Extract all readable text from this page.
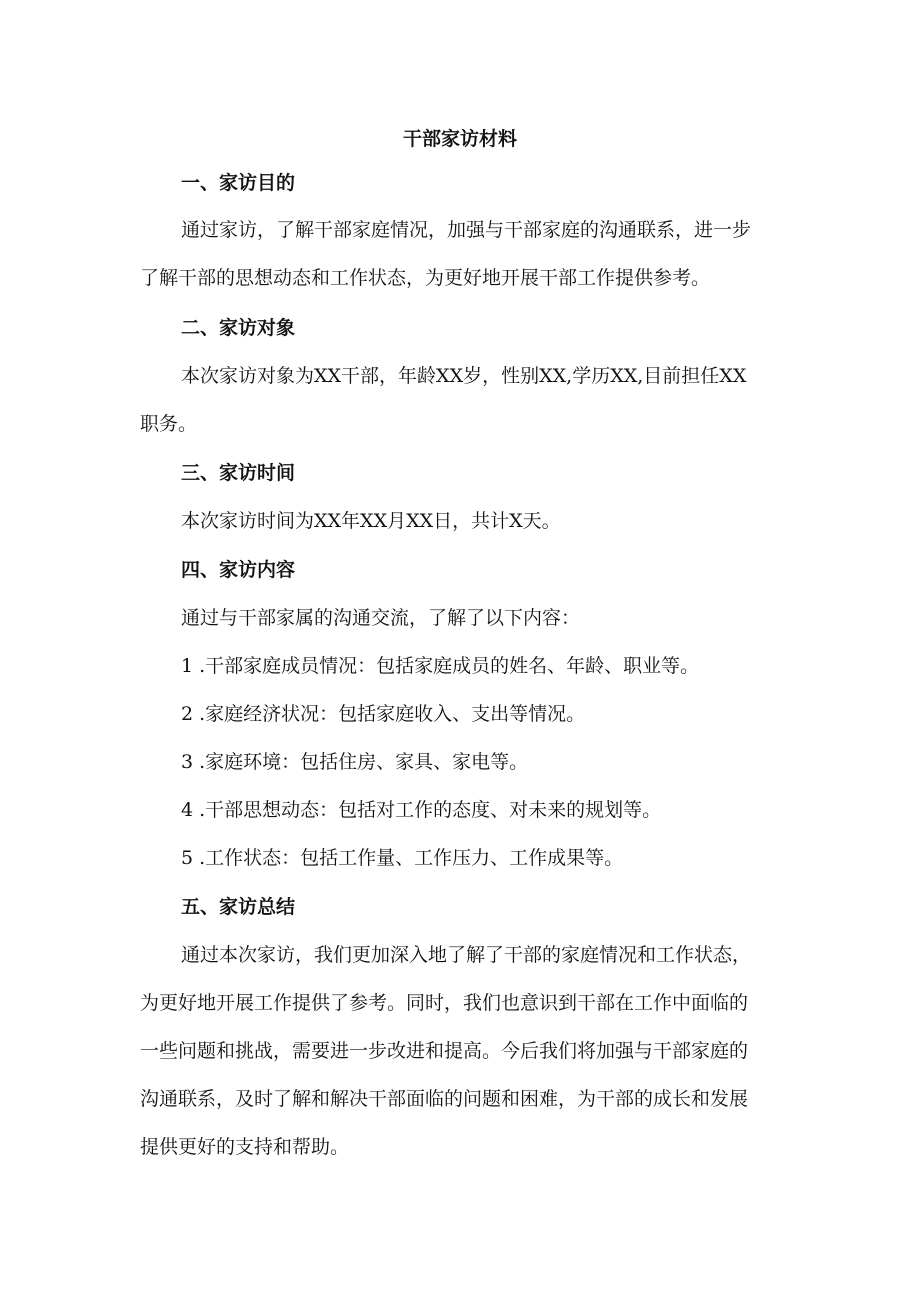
干部家访材料
一、家访目的
通过家访，了解干部家庭情况，加强与干部家庭的沟通联系，进一步
了解干部的思想动态和工作状态，为更好地开展干部工作提供参考。
二、家访对象
本次家访对象为XX干部，年龄XX岁，性别XX,学历XX,目前担任XX
职务。
三、家访时间
本次家访时间为XX年XX月XX日，共计X天。
四、家访内容
通过与干部家属的沟通交流，了解了以下内容：
1 .干部家庭成员情况：包括家庭成员的姓名、年龄、职业等。
2 .家庭经济状况：包括家庭收入、支出等情况。
3 .家庭环境：包括住房、家具、家电等。
4 .干部思想动态：包括对工作的态度、对未来的规划等。
5 .工作状态：包括工作量、工作压力、工作成果等。
五、家访总结
通过本次家访，我们更加深入地了解了干部的家庭情况和工作状态，
为更好地开展工作提供了参考。同时，我们也意识到干部在工作中面临的
一些问题和挑战，需要进一步改进和提高。今后我们将加强与干部家庭的
沟通联系，及时了解和解决干部面临的问题和困难，为干部的成长和发展
提供更好的支持和帮助。
